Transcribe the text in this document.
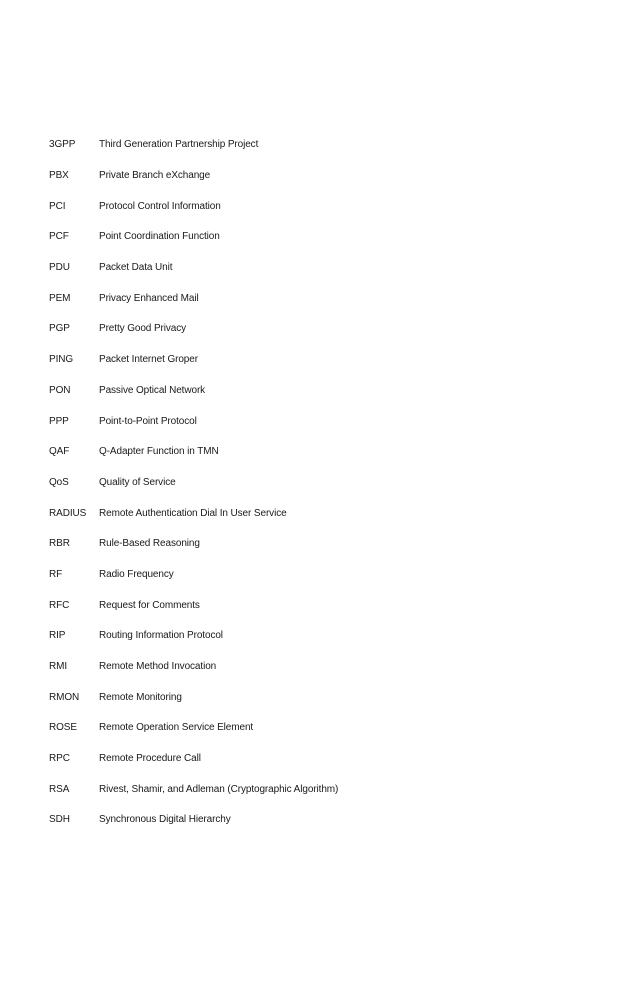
3GPP	Third Generation Partnership Project
PBX	Private Branch eXchange
PCI	Protocol Control Information
PCF	Point Coordination Function
PDU	Packet Data Unit
PEM	Privacy Enhanced Mail
PGP	Pretty Good Privacy
PING	Packet Internet Groper
PON	Passive Optical Network
PPP	Point-to-Point Protocol
QAF	Q-Adapter Function in TMN
QoS	Quality of Service
RADIUS	Remote Authentication Dial In User Service
RBR	Rule-Based Reasoning
RF	Radio Frequency
RFC	Request for Comments
RIP	Routing Information Protocol
RMI	Remote Method Invocation
RMON	Remote Monitoring
ROSE	Remote Operation Service Element
RPC	Remote Procedure Call
RSA	Rivest, Shamir, and Adleman (Cryptographic Algorithm)
SDH	Synchronous Digital Hierarchy
